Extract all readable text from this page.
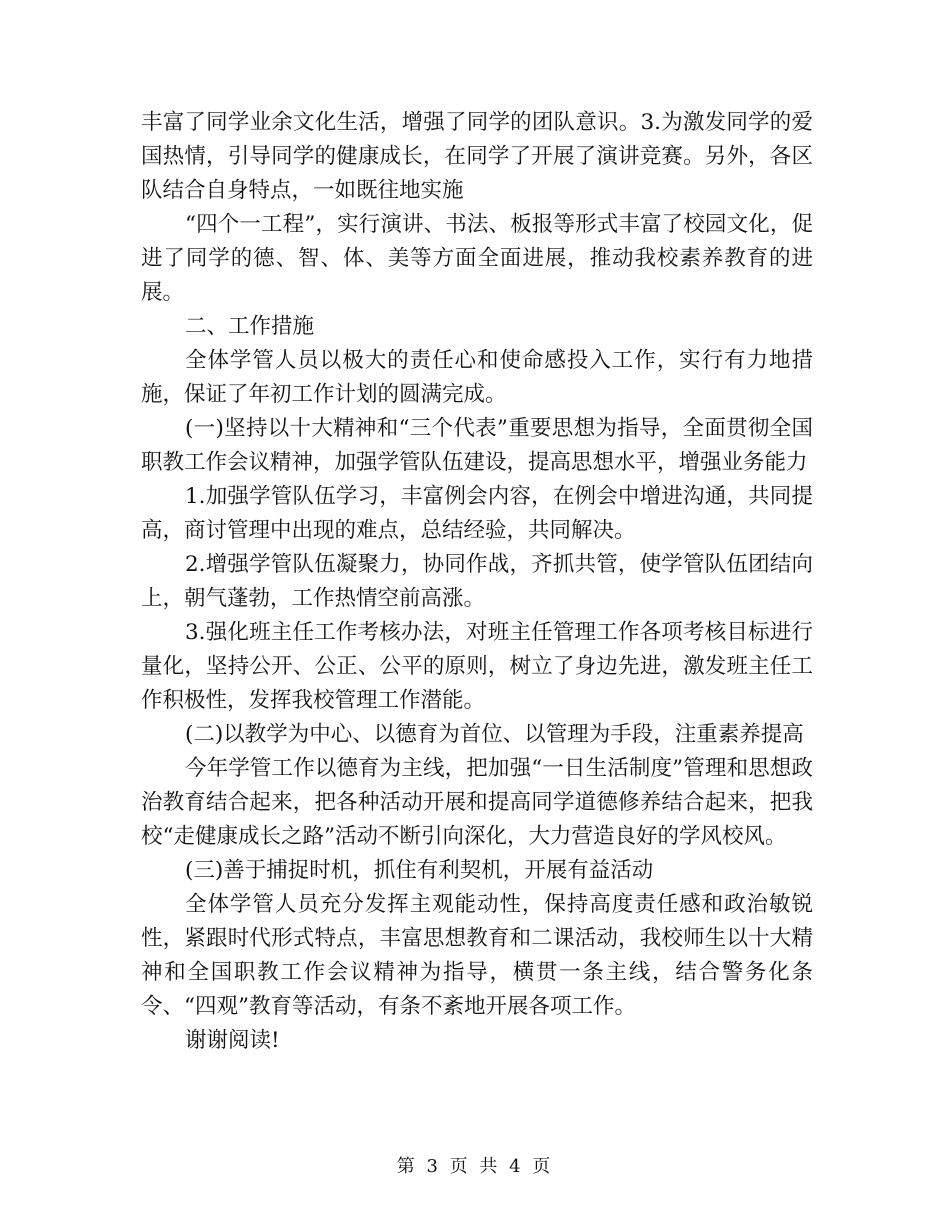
丰富了同学业余文化生活，增强了同学的团队意识。3.为激发同学的爱国热情，引导同学的健康成长，在同学了开展了演讲竞赛。另外，各区队结合自身特点，一如既往地实施

“四个一工程”，实行演讲、书法、板报等形式丰富了校园文化，促进了同学的德、智、体、美等方面全面进展，推动我校素养教育的进展。

二、工作措施

全体学管人员以极大的责任心和使命感投入工作，实行有力地措施，保证了年初工作计划的圆满完成。

(一)坚持以十大精神和“三个代表”重要思想为指导，全面贯彻全国职教工作会议精神，加强学管队伍建设，提高思想水平，增强业务能力

1.加强学管队伍学习，丰富例会内容，在例会中增进沟通，共同提高，商讨管理中出现的难点，总结经验，共同解决。

2.增强学管队伍凝聚力，协同作战，齐抓共管，使学管队伍团结向上，朝气蓬勃，工作热情空前高涨。

3.强化班主任工作考核办法，对班主任管理工作各项考核目标进行量化，坚持公开、公正、公平的原则，树立了身边先进，激发班主任工作积极性，发挥我校管理工作潜能。

(二)以教学为中心、以德育为首位、以管理为手段，注重素养提高

今年学管工作以德育为主线，把加强“一日生活制度”管理和思想政治教育结合起来，把各种活动开展和提高同学道德修养结合起来，把我校“走健康成长之路”活动不断引向深化，大力营造良好的学风校风。

(三)善于捕捉时机，抓住有利契机，开展有益活动

全体学管人员充分发挥主观能动性，保持高度责任感和政治敏锐性，紧跟时代形式特点，丰富思想教育和二课活动，我校师生以十大精神和全国职教工作会议精神为指导，横贯一条主线，结合警务化条令、“四观”教育等活动，有条不紊地开展各项工作。

谢谢阅读!

第 3 页 共 4 页
